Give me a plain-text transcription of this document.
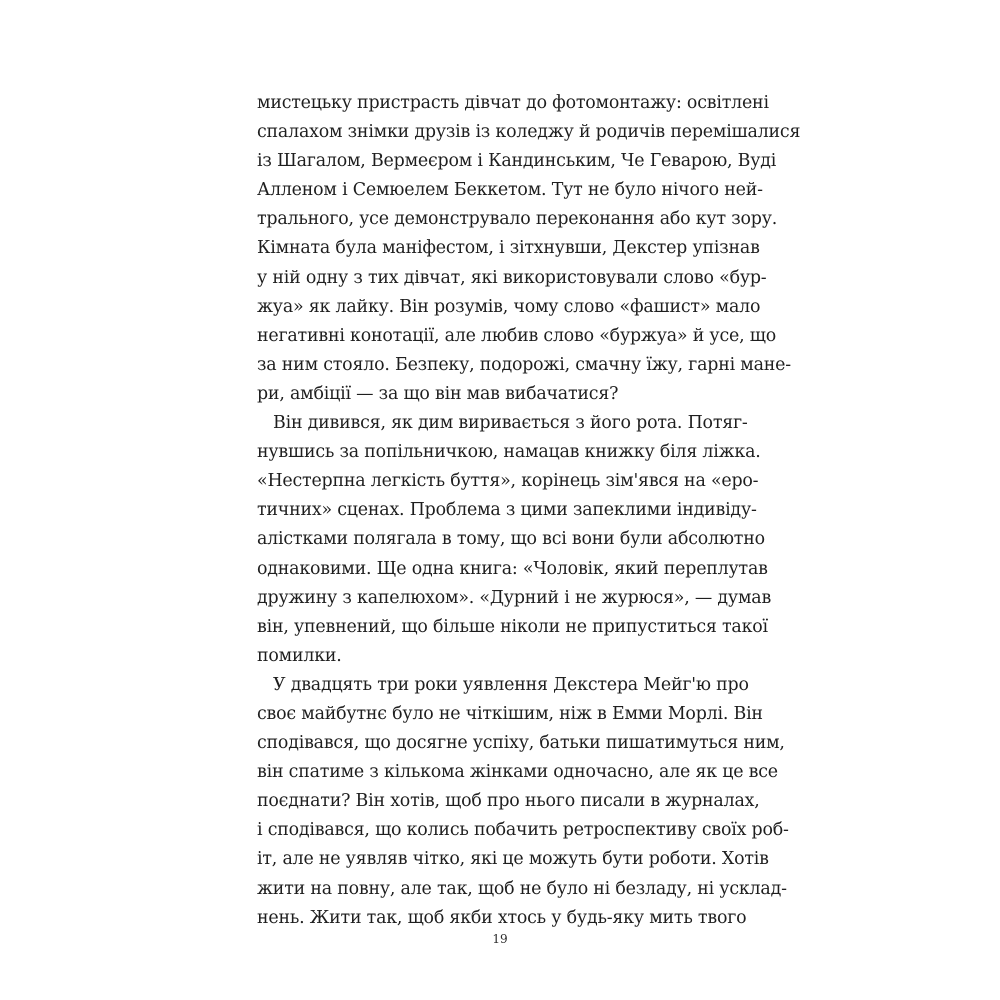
мистецьку пристрасть дівчат до фотомонтажу: освітлені
спалахом знімки друзів із коледжу й родичів перемішалися
із Шагалом, Вермеєром і Кандинським, Че Геварою, Вуді
Алленом і Семюелем Беккетом. Тут не було нічого ней-
трального, усе демонструвало переконання або кут зору.
Кімната була маніфестом, і зітхнувши, Декстер упізнав
у ній одну з тих дівчат, які використовували слово «бур-
жуа» як лайку. Він розумів, чому слово «фашист» мало
негативні конотації, але любив слово «буржуа» й усе, що
за ним стояло. Безпеку, подорожі, смачну їжу, гарні мане-
ри, амбіції — за що він мав вибачатися?
Він дивився, як дим виривається з його рота. Потяг-
нувшись за попільничкою, намацав книжку біля ліжка.
«Нестерпна легкість буття», корінець зім'явся на «еро-
тичних» сценах. Проблема з цими запеклими індивіду-
алістками полягала в тому, що всі вони були абсолютно
однаковими. Ще одна книга: «Чоловік, який переплутав
дружину з капелюхом». «Дурний і не журюся», — думав
він, упевнений, що більше ніколи не припуститься такої
помилки.
У двадцять три роки уявлення Декстера Мейг'ю про
своє майбутнє було не чіткішим, ніж в Емми Морлі. Він
сподівався, що досягне успіху, батьки пишатимуться ним,
він спатиме з кількома жінками одночасно, але як це все
поєднати? Він хотів, щоб про нього писали в журналах,
і сподівався, що колись побачить ретроспективу своїх роб-
іт, але не уявляв чітко, які це можуть бути роботи. Хотів
жити на повну, але так, щоб не було ні безладу, ні усклад-
нень. Жити так, щоб якби хтось у будь-яку мить твого
19
